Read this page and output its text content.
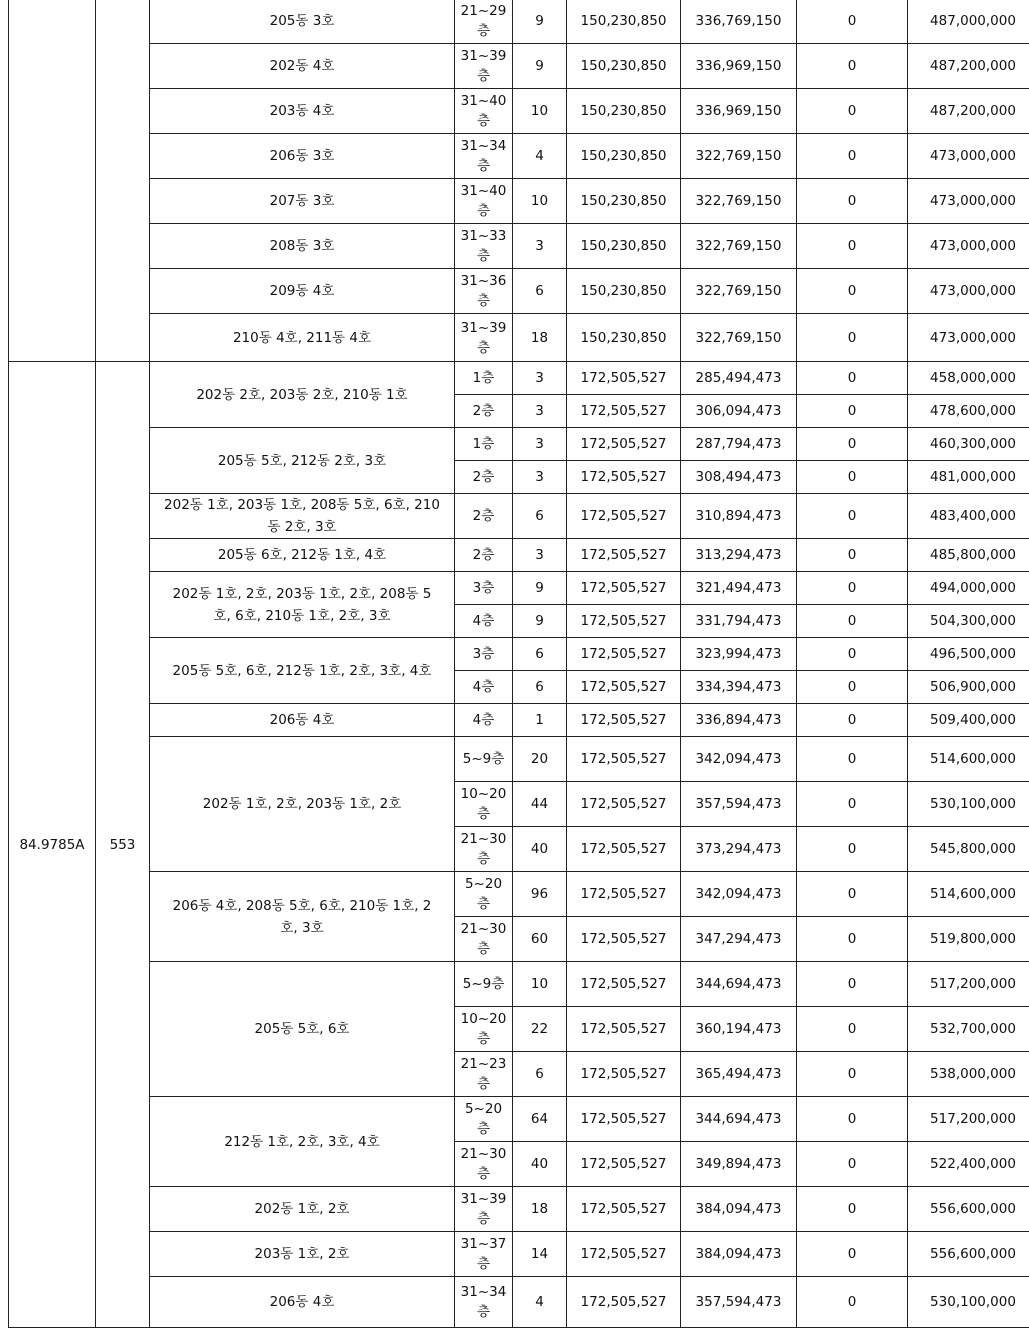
		205동 3호	21~29층	9	150,230,850	336,769,150	0	487,000,000
		202동 4호	31~39층	9	150,230,850	336,969,150	0	487,200,000
		203동 4호	31~40층	10	150,230,850	336,969,150	0	487,200,000
		206동 3호	31~34층	4	150,230,850	322,769,150	0	473,000,000
		207동 3호	31~40층	10	150,230,850	322,769,150	0	473,000,000
		208동 3호	31~33층	3	150,230,850	322,769,150	0	473,000,000
		209동 4호	31~36층	6	150,230,850	322,769,150	0	473,000,000
		210동 4호, 211동 4호	31~39층	18	150,230,850	322,769,150	0	473,000,000
84.9785A	553	202동 2호, 203동 2호, 210동 1호	1층	3	172,505,527	285,494,473	0	458,000,000
			2층	3	172,505,527	306,094,473	0	478,600,000
		205동 5호, 212동 2호, 3호	1층	3	172,505,527	287,794,473	0	460,300,000
			2층	3	172,505,527	308,494,473	0	481,000,000
		202동 1호, 203동 1호, 208동 5호, 6호, 210동 2호, 3호	2층	6	172,505,527	310,894,473	0	483,400,000
		205동 6호, 212동 1호, 4호	2층	3	172,505,527	313,294,473	0	485,800,000
		202동 1호, 2호, 203동 1호, 2호, 208동 5호, 6호, 210동 1호, 2호, 3호	3층	9	172,505,527	321,494,473	0	494,000,000
			4층	9	172,505,527	331,794,473	0	504,300,000
		205동 5호, 6호, 212동 1호, 2호, 3호, 4호	3층	6	172,505,527	323,994,473	0	496,500,000
			4층	6	172,505,527	334,394,473	0	506,900,000
		206동 4호	4층	1	172,505,527	336,894,473	0	509,400,000
		202동 1호, 2호, 203동 1호, 2호	5~9층	20	172,505,527	342,094,473	0	514,600,000
			10~20층	44	172,505,527	357,594,473	0	530,100,000
			21~30층	40	172,505,527	373,294,473	0	545,800,000
		206동 4호, 208동 5호, 6호, 210동 1호, 2호, 3호	5~20층	96	172,505,527	342,094,473	0	514,600,000
			21~30층	60	172,505,527	347,294,473	0	519,800,000
		205동 5호, 6호	5~9층	10	172,505,527	344,694,473	0	517,200,000
			10~20층	22	172,505,527	360,194,473	0	532,700,000
			21~23층	6	172,505,527	365,494,473	0	538,000,000
		212동 1호, 2호, 3호, 4호	5~20층	64	172,505,527	344,694,473	0	517,200,000
			21~30층	40	172,505,527	349,894,473	0	522,400,000
		202동 1호, 2호	31~39층	18	172,505,527	384,094,473	0	556,600,000
		203동 1호, 2호	31~37층	14	172,505,527	384,094,473	0	556,600,000
		206동 4호	31~34층	4	172,505,527	357,594,473	0	530,100,000
